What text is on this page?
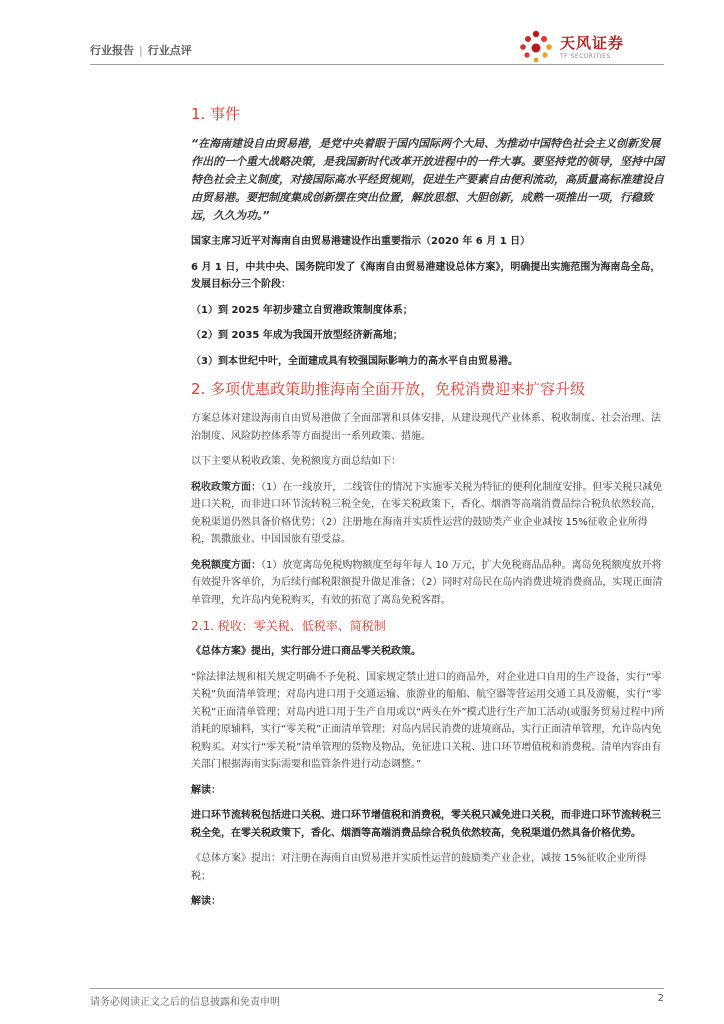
行业报告 | 行业点评	天风证券
TF SECURITIES
1. 事件
“在海南建设自由贸易港，是党中央着眼于国内国际两个大局、为推动中国特色社会主义创新发展作出的一个重大战略决策，是我国新时代改革开放进程中的一件大事。要坚持党的领导，坚持中国特色社会主义制度，对接国际高水平经贸规则，促进生产要素自由便利流动，高质量高标准建设自由贸易港。要把制度集成创新摆在突出位置，解放思想、大胆创新，成熟一项推出一项，行稳致远，久久为功。”
国家主席习近平对海南自由贸易港建设作出重要指示（2020 年 6 月 1 日）
6 月 1 日，中共中央、国务院印发了《海南自由贸易港建设总体方案》，明确提出实施范围为海南岛全岛，发展目标分三个阶段：
（1）到 2025 年初步建立自贸港政策制度体系；
（2）到 2035 年成为我国开放型经济新高地；
（3）到本世纪中叶，全面建成具有较强国际影响力的高水平自由贸易港。
2. 多项优惠政策助推海南全面开放，免税消费迎来扩容升级
方案总体对建设海南自由贸易港做了全面部署和具体安排，从建设现代产业体系、税收制度、社会治理、法治制度、风险防控体系等方面提出一系列政策、措施。
以下主要从税收政策、免税额度方面总结如下：
税收政策方面：（1）在一线放开，二线管住的情况下实施零关税为特征的便利化制度安排。但零关税只减免进口关税，而非进口环节流转税三税全免，在零关税政策下，香化、烟酒等高端消费品综合税负依然较高，免税渠道仍然具备价格优势；（2）注册地在海南并实质性运营的鼓励类产业企业减按 15%征收企业所得税，凯撒旅业、中国国旅有望受益。
免税额度方面：（1）放宽离岛免税购物额度至每年每人 10 万元，扩大免税商品品种。离岛免税额度放开将有效提升客单价，为后续行邮税限额提升做足准备；（2）同时对岛民在岛内消费进境消费商品，实现正面清单管理，允许岛内免税购买，有效的拓宽了离岛免税客群。
2.1. 税收：零关税、低税率、简税制
《总体方案》提出，实行部分进口商品零关税政策。
“除法律法规和相关规定明确不予免税、国家规定禁止进口的商品外，对企业进口自用的生产设备，实行“零关税”负面清单管理；对岛内进口用于交通运输、旅游业的船舶、航空器等营运用交通工具及游艇，实行“零关税”正面清单管理；对岛内进口用于生产自用或以“两头在外”模式进行生产加工活动(或服务贸易过程中)所消耗的原辅料，实行“零关税”正面清单管理；对岛内居民消费的进境商品，实行正面清单管理，允许岛内免税购买。对实行“零关税”清单管理的货物及物品，免征进口关税、进口环节增值税和消费税。清单内容由有关部门根据海南实际需要和监管条件进行动态调整。”
解读：
进口环节流转税包括进口关税、进口环节增值税和消费税，零关税只减免进口关税，而非进口环节流转税三税全免，在零关税政策下，香化、烟酒等高端消费品综合税负依然较高，免税渠道仍然具备价格优势。
《总体方案》提出：对注册在海南自由贸易港并实质性运营的鼓励类产业企业，减按 15%征收企业所得税；
解读：
请务必阅读正文之后的信息披露和免责申明	2
